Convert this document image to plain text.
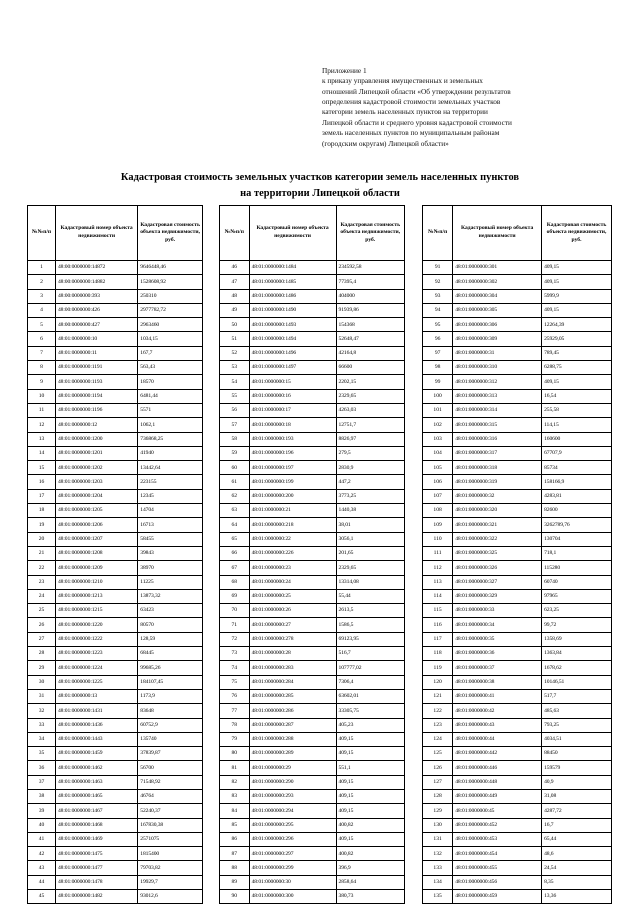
Приложение 1
к приказу управления имущественных и земельных
отношений Липецкой области «Об утверждении результатов
определения кадастровой стоимости земельных участков
категории земель населенных пунктов на территории
Липецкой области и среднего уровня кадастровой стоимости
земель населенных пунктов по муниципальным районам
(городским округам) Липецкой области»
Кадастровая стоимость земельных участков категории земель населенных пунктов
на территории Липецкой области
№№п/п	Кадастровый номер объекта недвижимости	Кадастровая стоимость объекта недвижимости, руб.
1	48:00:0000000:14872	9646448,46
2	48:00:0000000:14882	1528608,92
3	48:00:0000000:393	250310
4	48:00:0000000:426	2977782,72
5	48:00:0000000:427	2963460
6	48:01:0000000:10	1034,15
7	48:01:0000000:11	167,7
8	48:01:0000000:1191	563,43
9	48:01:0000000:1193	18570
10	48:01:0000000:1194	6481,44
11	48:01:0000000:1196	5571
12	48:01:0000000:12	1062,1
13	48:01:0000000:1200	736868,25
14	48:01:0000000:1201	41940
15	48:01:0000000:1202	13442,64
16	48:01:0000000:1203	223155
17	48:01:0000000:1204	12345
18	48:01:0000000:1205	14704
19	48:01:0000000:1206	16713
20	48:01:0000000:1207	58455
21	48:01:0000000:1208	39843
22	48:01:0000000:1209	38970
23	48:01:0000000:1210	11225
24	48:01:0000000:1213	13873,32
25	48:01:0000000:1215	63423
26	48:01:0000000:1220	80570
27	48:01:0000000:1222	128,59
28	48:01:0000000:1223	68445
29	48:01:0000000:1224	99685,26
30	48:01:0000000:1225	184107,45
31	48:01:0000000:13	1173,9
32	48:01:0000000:1431	83648
33	48:01:0000000:1436	60752,9
34	48:01:0000000:1443	135740
35	48:01:0000000:1459	37839,87
36	48:01:0000000:1462	56700
37	48:01:0000000:1463	71548,92
38	48:01:0000000:1465	46764
39	48:01:0000000:1467	52240,37
40	48:01:0000000:1468	167830,38
41	48:01:0000000:1469	2571075
42	48:01:0000000:1475	1815400
43	48:01:0000000:1477	79703,82
44	48:01:0000000:1478	19929,7
45	48:01:0000000:1482	93012,6
№№п/п	Кадастровый номер объекта недвижимости	Кадастровая стоимость объекта недвижимости, руб.
46	48:01:0000000:1484	234592,58
47	48:01:0000000:1485	77395,4
48	48:01:0000000:1486	404000
49	48:01:0000000:1490	91939,86
50	48:01:0000000:1493	154368
51	48:01:0000000:1494	52648,47
52	48:01:0000000:1496	42164,8
53	48:01:0000000:1497	66600
54	48:01:0000000:15	2202,15
55	48:01:0000000:16	2329,65
56	48:01:0000000:17	4263,03
57	48:01:0000000:18	12751,7
58	48:01:0000000:193	8826,97
59	48:01:0000000:196	279,5
60	48:01:0000000:197	2830,9
61	48:01:0000000:199	447,2
62	48:01:0000000:200	3773,25
63	48:01:0000000:21	1440,38
64	48:01:0000000:218	38,01
65	48:01:0000000:22	3056,1
66	48:01:0000000:226	201,65
67	48:01:0000000:23	2329,65
68	48:01:0000000:24	13314,08
69	48:01:0000000:25	55,44
70	48:01:0000000:26	2613,5
71	48:01:0000000:27	1586,5
72	48:01:0000000:278	69123,95
73	48:01:0000000:28	516,7
74	48:01:0000000:283	107777,02
75	48:01:0000000:284	7306,4
76	48:01:0000000:285	63602,01
77	48:01:0000000:286	33305,75
78	48:01:0000000:287	405,23
79	48:01:0000000:288	409,15
80	48:01:0000000:289	409,15
81	48:01:0000000:29	551,1
82	48:01:0000000:290	409,15
83	48:01:0000000:293	409,15
84	48:01:0000000:294	409,15
85	48:01:0000000:295	400,82
86	48:01:0000000:296	409,15
87	48:01:0000000:297	400,82
88	48:01:0000000:299	396,9
89	48:01:0000000:30	2858,64
90	48:01:0000000:300	380,73
№№п/п	Кадастровый номер объекта недвижимости	Кадастровая стоимость объекта недвижимости, руб.
91	48:01:0000000:301	409,15
92	48:01:0000000:302	409,15
93	48:01:0000000:304	5999,9
94	48:01:0000000:305	409,15
95	48:01:0000000:306	12264,39
96	48:01:0000000:309	25929,05
97	48:01:0000000:31	789,45
98	48:01:0000000:310	6288,75
99	48:01:0000000:312	409,15
100	48:01:0000000:313	16,54
101	48:01:0000000:314	255,58
102	48:01:0000000:315	114,15
103	48:01:0000000:316	160600
104	48:01:0000000:317	67707,9
105	48:01:0000000:318	85734
106	48:01:0000000:319	158166,9
107	48:01:0000000:32	4283,81
108	48:01:0000000:320	82600
109	48:01:0000000:321	3262789,76
110	48:01:0000000:322	130704
111	48:01:0000000:325	718,1
112	48:01:0000000:326	115280
113	48:01:0000000:327	60740
114	48:01:0000000:329	97965
115	48:01:0000000:33	623,25
116	48:01:0000000:34	99,72
117	48:01:0000000:35	1358,69
118	48:01:0000000:36	1363,84
119	48:01:0000000:37	1678,62
120	48:01:0000000:38	10146,51
121	48:01:0000000:41	517,7
122	48:01:0000000:42	485,63
123	48:01:0000000:43	793,25
124	48:01:0000000:44	4034,51
125	48:01:0000000:442	88450
126	48:01:0000000:446	159579
127	48:01:0000000:448	40,9
128	48:01:0000000:449	31,08
129	48:01:0000000:45	4287,72
130	48:01:0000000:452	16,7
131	48:01:0000000:453	65,44
132	48:01:0000000:454	48,6
133	48:01:0000000:455	24,54
134	48:01:0000000:456	8,35
135	48:01:0000000:459	13,36
